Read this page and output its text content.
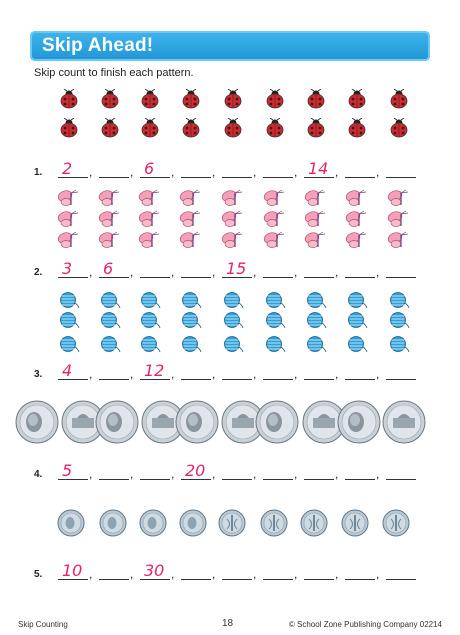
Skip Ahead!
Skip count to finish each pattern.
1.	,
2	,	,
6	,	,	,	,
14	,
2.	,
3	,
6	,	,	,
15	,	,	,
3.	,
4	,	,
12	,	,	,	,	,
4.	,
5	,	,	,
20	,	,	,	,
5.	,
10	,	,
30	,	,	,	,	,
Skip Counting	18	© School Zone Publishing Company 02214
